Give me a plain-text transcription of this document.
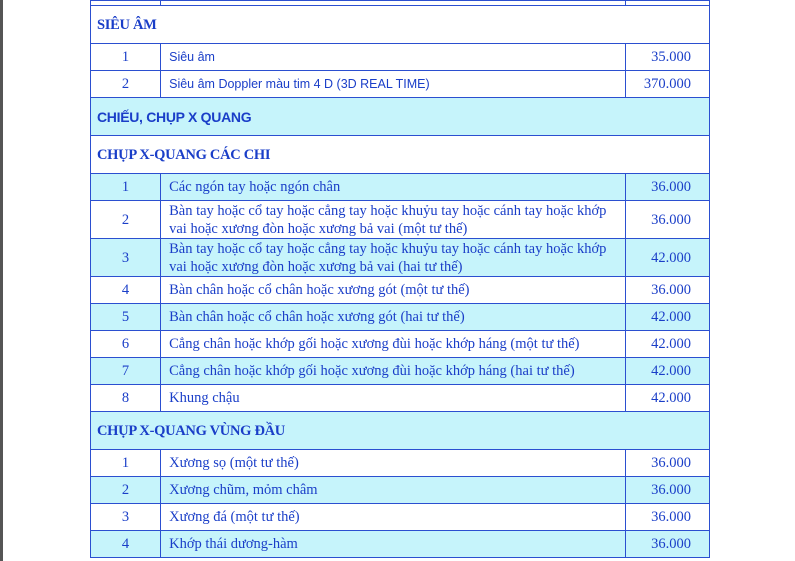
SIÊU ÂM		
1	Siêu âm	35.000
2	Siêu âm Doppler màu tim 4 D (3D REAL TIME)	370.000
CHIẾU, CHỤP X QUANG		
CHỤP X-QUANG CÁC CHI		
1	Các ngón tay hoặc ngón chân	36.000
2	Bàn tay hoặc cổ tay hoặc cẳng tay hoặc khuỷu tay hoặc cánh tay hoặc khớp vai hoặc xương đòn hoặc xương bả vai (một tư thế)	36.000
3	Bàn tay hoặc cổ tay hoặc cẳng tay hoặc khuỷu tay hoặc cánh tay hoặc khớp vai hoặc xương đòn hoặc xương bả vai (hai tư thế)	42.000
4	Bàn chân hoặc cổ chân hoặc xương gót (một tư thế)	36.000
5	Bàn chân hoặc cổ chân hoặc xương gót (hai tư thế)	42.000
6	Cẳng chân hoặc khớp gối hoặc xương đùi hoặc khớp háng (một tư thế)	42.000
7	Cẳng chân hoặc khớp gối hoặc xương đùi hoặc khớp háng (hai tư thế)	42.000
8	Khung chậu	42.000
CHỤP X-QUANG VÙNG ĐẦU		
1	Xương sọ (một tư thế)	36.000
2	Xương chũm, mỏm châm	36.000
3	Xương đá (một tư thế)	36.000
4	Khớp thái dương-hàm	36.000
